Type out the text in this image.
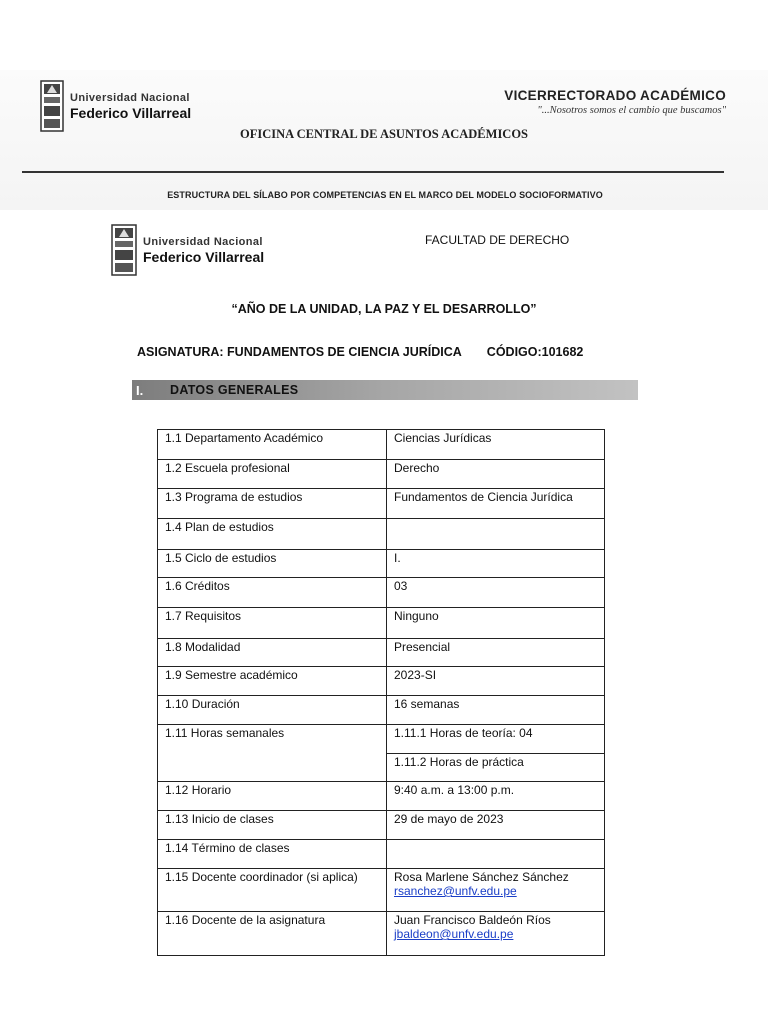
Universidad Nacional
Federico Villarreal
VICERRECTORADO ACADÉMICO
"...Nosotros somos el cambio que buscamos"
OFICINA CENTRAL DE ASUNTOS ACADÉMICOS
ESTRUCTURA DEL SÍLABO POR COMPETENCIAS EN EL MARCO DEL MODELO SOCIOFORMATIVO
Universidad Nacional
Federico Villarreal
FACULTAD DE DERECHO
“AÑO DE LA UNIDAD, LA PAZ Y EL DESARROLLO”
ASIGNATURA: FUNDAMENTOS DE CIENCIA JURÍDICA CÓDIGO:101682
I.	DATOS GENERALES
1.1 Departamento Académico	Ciencias Jurídicas
1.2 Escuela profesional	Derecho
1.3 Programa de estudios	Fundamentos de Ciencia Jurídica
1.4 Plan de estudios	
1.5 Ciclo de estudios	I.
1.6 Créditos	03
1.7 Requisitos	Ninguno
1.8 Modalidad	Presencial
1.9 Semestre académico	2023-SI
1.10 Duración	16 semanas
1.11 Horas semanales	1.11.1 Horas de teoría: 04
	1.11.2 Horas de práctica
1.12 Horario	9:40 a.m. a 13:00 p.m.
1.13 Inicio de clases	29 de mayo de 2023
1.14 Término de clases	
1.15 Docente coordinador (si aplica)	Rosa Marlene Sánchez Sánchez
rsanchez@unfv.edu.pe
1.16 Docente de la asignatura	Juan Francisco Baldeón Ríos
jbaldeon@unfv.edu.pe
